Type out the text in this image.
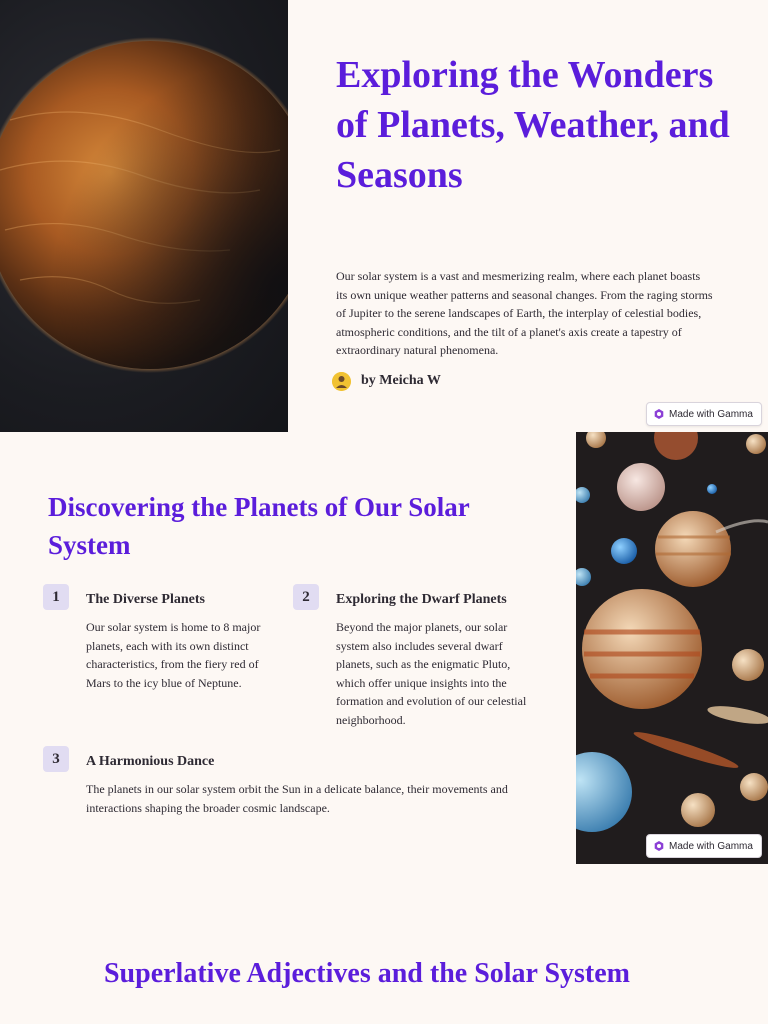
Exploring the Wonders of Planets, Weather, and Seasons

Our solar system is a vast and mesmerizing realm, where each planet boasts its own unique weather patterns and seasonal changes. From the raging storms of Jupiter to the serene landscapes of Earth, the interplay of celestial bodies, atmospheric conditions, and the tilt of a planet's axis create a tapestry of extraordinary natural phenomena.

by Meicha W
Made with Gamma
Discovering the Planets of Our Solar System
1	The Diverse Planets

Our solar system is home to 8 major planets, each with its own distinct characteristics, from the fiery red of Mars to the icy blue of Neptune.

2	Exploring the Dwarf Planets

Beyond the major planets, our solar system also includes several dwarf planets, such as the enigmatic Pluto, which offer unique insights into the formation and evolution of our celestial neighborhood.

3	A Harmonious Dance

The planets in our solar system orbit the Sun in a delicate balance, their movements and interactions shaping the broader cosmic landscape.

Made with Gamma
Superlative Adjectives and the Solar System
